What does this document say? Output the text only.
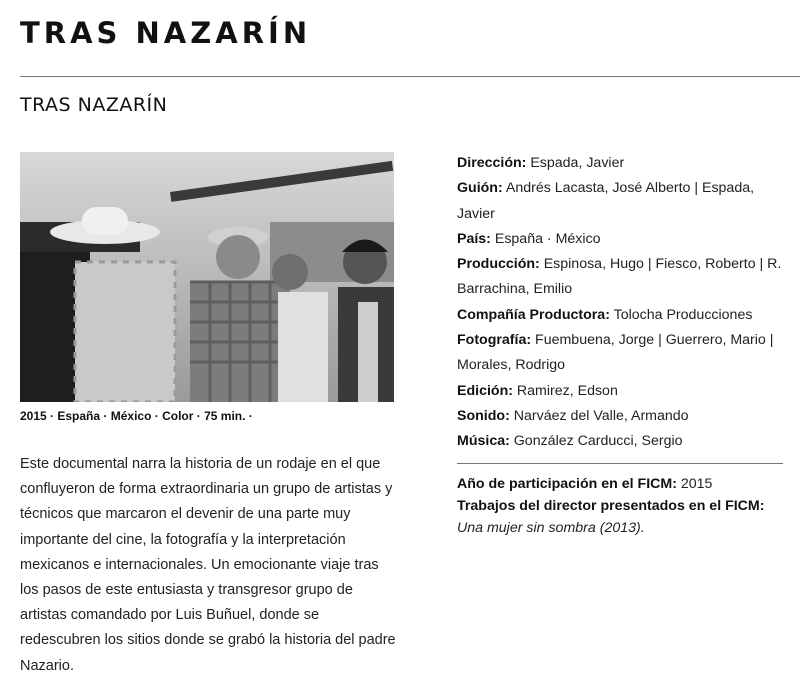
TRAS NAZARÍN
TRAS NAZARÍN
2015 · España · México · Color · 75 min. ·
Este documental narra la historia de un rodaje en el que confluyeron de forma extraordinaria un grupo de artistas y técnicos que marcaron el devenir de una parte muy importante del cine, la fotografía y la interpretación mexicanos e internacionales. Un emocionante viaje tras los pasos de este entusiasta y transgresor grupo de artistas comandado por Luis Buñuel, donde se redescubren los sitios donde se grabó la historia del padre Nazario.
Dirección: Espada, Javier
Guión: Andrés Lacasta, José Alberto | Espada, Javier
País: España · México
Producción: Espinosa, Hugo | Fiesco, Roberto | R. Barrachina, Emilio
Compañía Productora: Tolocha Producciones
Fotografía: Fuembuena, Jorge | Guerrero, Mario | Morales, Rodrigo
Edición: Ramirez, Edson
Sonido: Narváez del Valle, Armando
Música: González Carducci, Sergio
Año de participación en el FICM: 2015
Trabajos del director presentados en el FICM:
Una mujer sin sombra (2013).
